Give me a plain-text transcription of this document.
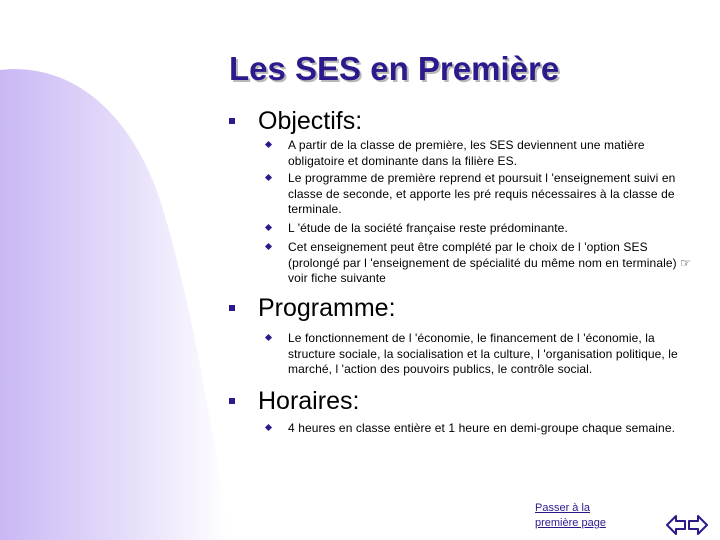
Les SES en Première
Objectifs:
A partir de la classe de première, les SES deviennent une matière obligatoire et dominante dans la filière ES.
Le programme de première reprend et poursuit l 'enseignement suivi en classe de seconde, et apporte les pré requis nécessaires à la classe de terminale.
L 'étude de la société française reste prédominante.
Cet enseignement peut être complété par le choix de l 'option SES (prolongé par l 'enseignement de spécialité du même nom en terminale) ☞ voir fiche suivante
Programme:
Le fonctionnement de l 'économie, le financement de l 'économie, la structure sociale, la socialisation et la culture, l 'organisation politique, le marché, l 'action des pouvoirs publics, le contrôle social.
Horaires:
4 heures en classe entière et 1 heure en demi-groupe chaque semaine.
Passer à la première page
